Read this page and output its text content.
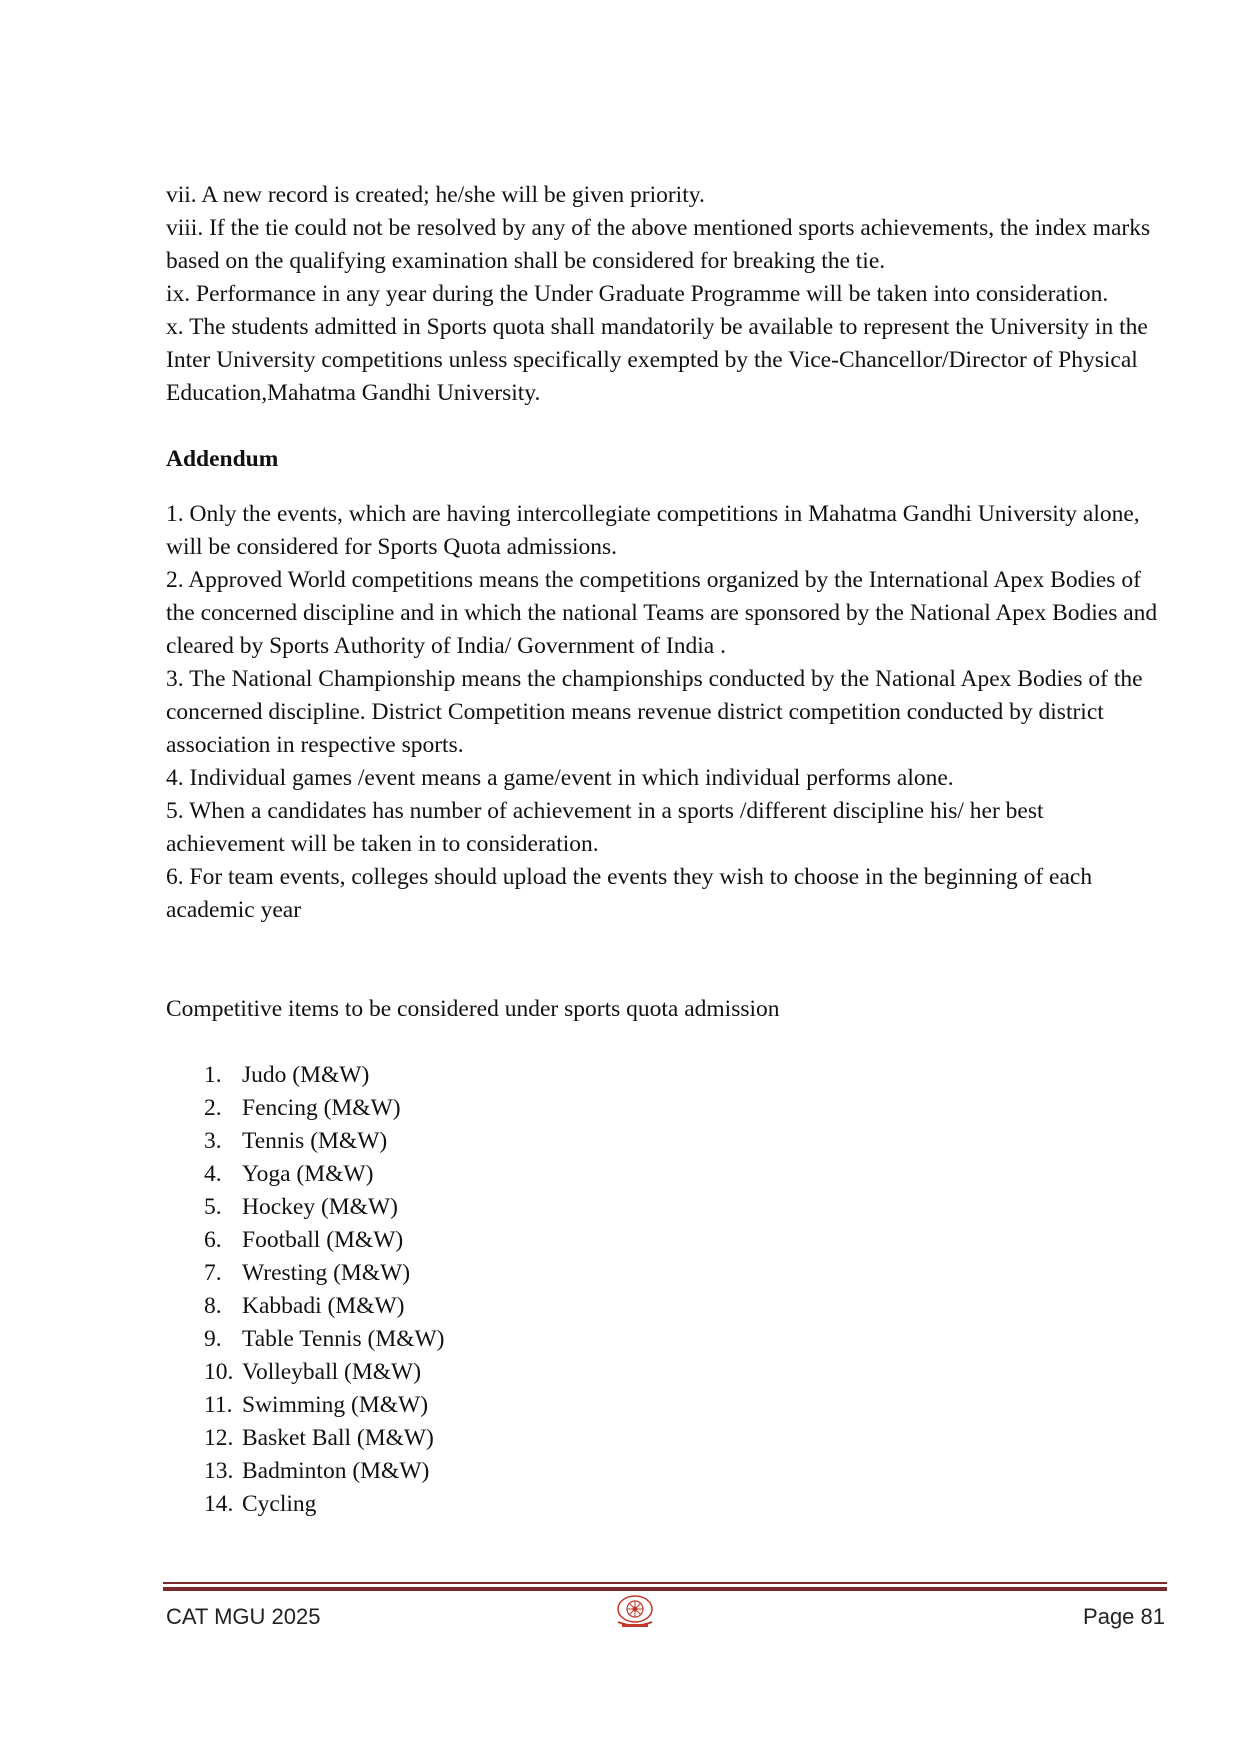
vii. A new record is created; he/she will be given priority.

viii. If the tie could not be resolved by any of the above mentioned sports achievements, the index marks based on the qualifying examination shall be considered for breaking the tie.

ix. Performance in any year during the Under Graduate Programme will be taken into consideration.

x. The students admitted in Sports quota shall mandatorily be available to represent the University in the Inter University competitions unless specifically exempted by the Vice-Chancellor/Director of Physical Education,Mahatma Gandhi University.

Addendum

1. Only the events, which are having intercollegiate competitions in Mahatma Gandhi University alone, will be considered for Sports Quota admissions.

2. Approved World competitions means the competitions organized by the International Apex Bodies of the concerned discipline and in which the national Teams are sponsored by the National Apex Bodies and cleared by Sports Authority of India/ Government of India .

3. The National Championship means the championships conducted by the National Apex Bodies of the concerned discipline. District Competition means revenue district competition conducted by district association in respective sports.

4. Individual games /event means a game/event in which individual performs alone.

5. When a candidates has number of achievement in a sports /different discipline his/ her best achievement will be taken in to consideration.

6. For team events, colleges should upload the events they wish to choose in the beginning of each academic year

Competitive items to be considered under sports quota admission

1. Judo (M&W)
2. Fencing (M&W)
3. Tennis (M&W)
4. Yoga (M&W)
5. Hockey (M&W)
6. Football (M&W)
7. Wresting (M&W)
8. Kabbadi (M&W)
9. Table Tennis (M&W)
10. Volleyball (M&W)
11. Swimming (M&W)
12. Basket Ball (M&W)
13. Badminton (M&W)
14. Cycling
CAT MGU 2025	Page 81
